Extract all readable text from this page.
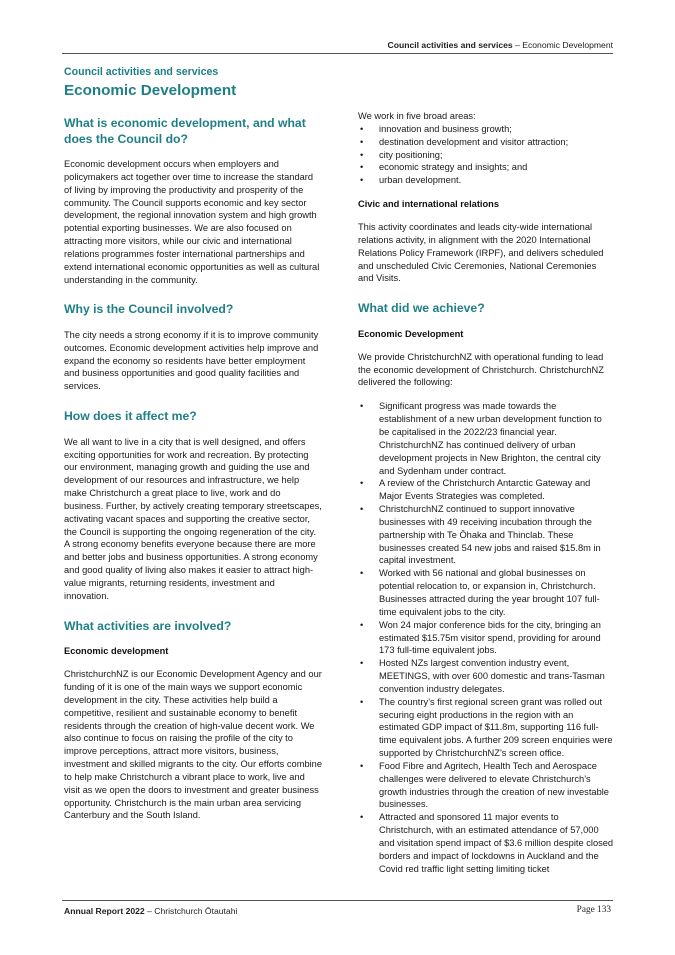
Council activities and services – Economic Development

Council activities and services

Economic Development
What is economic development, and what does the Council do?

Economic development occurs when employers and policymakers act together over time to increase the standard of living by improving the productivity and prosperity of the community. The Council supports economic and key sector development, the regional innovation system and high growth potential exporting businesses. We are also focused on attracting more visitors, while our civic and international relations programmes foster international partnerships and extend international economic opportunities as well as cultural understanding in the community.

Why is the Council involved?

The city needs a strong economy if it is to improve community outcomes. Economic development activities help improve and expand the economy so residents have better employment and business opportunities and good quality facilities and services.

How does it affect me?

We all want to live in a city that is well designed, and offers exciting opportunities for work and recreation. By protecting our environment, managing growth and guiding the use and development of our resources and infrastructure, we help make Christchurch a great place to live, work and do business. Further, by actively creating temporary streetscapes, activating vacant spaces and supporting the creative sector, the Council is supporting the ongoing regeneration of the city. A strong economy benefits everyone because there are more and better jobs and business opportunities. A strong economy and good quality of living also makes it easier to attract high-value migrants, returning residents, investment and innovation.

What activities are involved?
Economic development

ChristchurchNZ is our Economic Development Agency and our funding of it is one of the main ways we support economic development in the city. These activities help build a competitive, resilient and sustainable economy to benefit residents through the creation of high-value decent work. We also continue to focus on raising the profile of the city to improve perceptions, attract more visitors, business, investment and skilled migrants to the city. Our efforts combine to help make Christchurch a vibrant place to work, live and visit as we open the doors to investment and greater business opportunity. Christchurch is the main urban area servicing Canterbury and the South Island.

We work in five broad areas:

• innovation and business growth;
• destination development and visitor attraction;
• city positioning;
• economic strategy and insights; and
• urban development.
Civic and international relations

This activity coordinates and leads city-wide international relations activity, in alignment with the 2020 International Relations Policy Framework (IRPF), and delivers scheduled and unscheduled Civic Ceremonies, National Ceremonies and Visits.

What did we achieve?
Economic Development

We provide ChristchurchNZ with operational funding to lead the economic development of Christchurch. ChristchurchNZ delivered the following:

• Significant progress was made towards the establishment of a new urban development function to be capitalised in the 2022/23 financial year. ChristchurchNZ has continued delivery of urban development projects in New Brighton, the central city and Sydenham under contract.
• A review of the Christchurch Antarctic Gateway and Major Events Strategies was completed.
• ChristchurchNZ continued to support innovative businesses with 49 receiving incubation through the partnership with Te Ōhaka and Thinclab. These businesses created 54 new jobs and raised $15.8m in capital investment.
• Worked with 56 national and global businesses on potential relocation to, or expansion in, Christchurch. Businesses attracted during the year brought 107 full-time equivalent jobs to the city.
• Won 24 major conference bids for the city, bringing an estimated $15.75m visitor spend, providing for around 173 full-time equivalent jobs.
• Hosted NZs largest convention industry event, MEETINGS, with over 600 domestic and trans-Tasman convention industry delegates.
• The country’s first regional screen grant was rolled out securing eight productions in the region with an estimated GDP impact of $11.8m, supporting 116 full-time equivalent jobs. A further 209 screen enquiries were supported by ChristchurchNZ’s screen office.
• Food Fibre and Agritech, Health Tech and Aerospace challenges were delivered to elevate Christchurch’s growth industries through the creation of new investable businesses.
• Attracted and sponsored 11 major events to Christchurch, with an estimated attendance of 57,000 and visitation spend impact of $3.6 million despite closed borders and impact of lockdowns in Auckland and the Covid red traffic light setting limiting ticket
Annual Report 2022 – Christchurch Ōtautahi	Page 133
